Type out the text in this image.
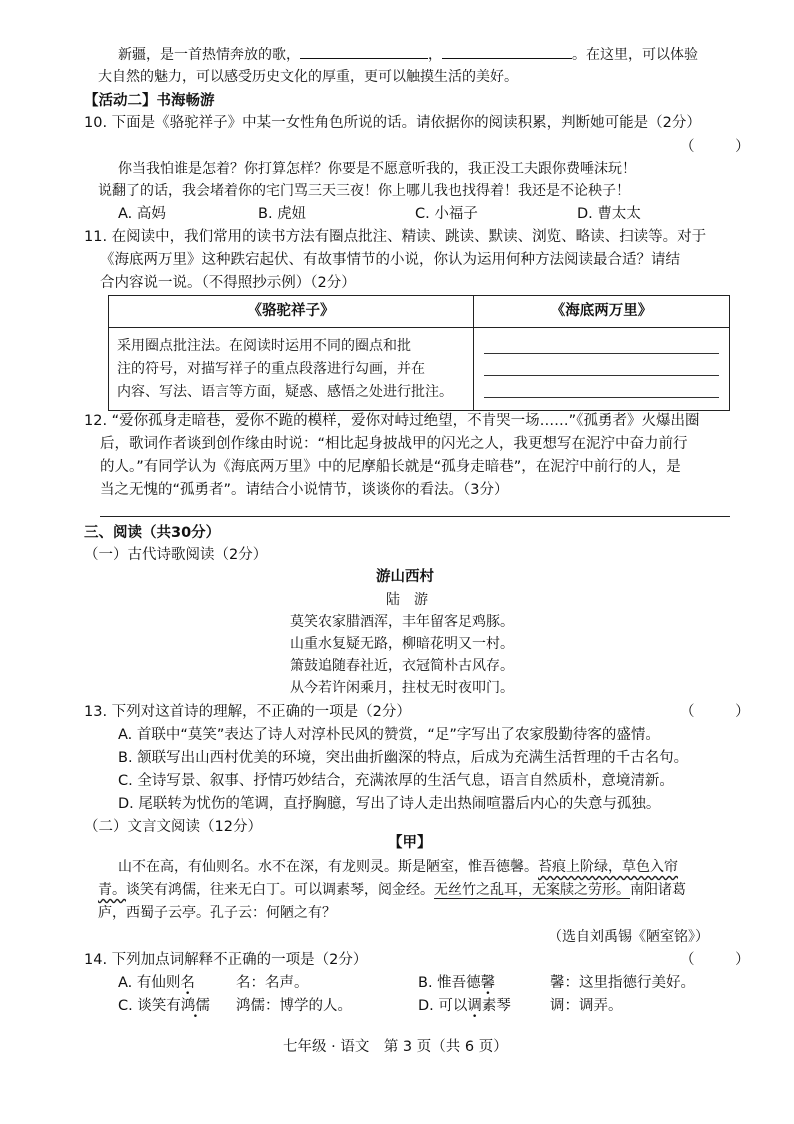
新疆，是一首热情奔放的歌，	，	。在这里，可以体验
大自然的魅力，可以感受历史文化的厚重，更可以触摸生活的美好。
【活动二】书海畅游
10. 下面是《骆驼祥子》中某一女性角色所说的话。请依据你的阅读积累，判断她可能是（2分）
（ ）
你当我怕谁是怎着？你打算怎样？你要是不愿意听我的，我正没工夫跟你费唾沫玩！
说翻了的话，我会堵着你的宅门骂三天三夜！你上哪儿我也找得着！我还是不论秧子！
A. 高妈	B. 虎妞	C. 小福子	D. 曹太太
11. 在阅读中，我们常用的读书方法有圈点批注、精读、跳读、默读、浏览、略读、扫读等。对于
《海底两万里》这种跌宕起伏、有故事情节的小说，你认为运用何种方法阅读最合适？请结
合内容说一说。（不得照抄示例）（2分）
《骆驼祥子》	《海底两万里》

采用圈点批注法。在阅读时运用不同的圈点和批
注的符号，对描写祥子的重点段落进行勾画，并在
内容、写法、语言等方面，疑惑、感悟之处进行批注。	

12. “爱你孤身走暗巷，爱你不跪的模样，爱你对峙过绝望，不肯哭一场……”《孤勇者》火爆出圈
后，歌词作者谈到创作缘由时说：“相比起身披战甲的闪光之人，我更想写在泥泞中奋力前行
的人。”有同学认为《海底两万里》中的尼摩船长就是“孤身走暗巷”，在泥泞中前行的人，是
当之无愧的“孤勇者”。请结合小说情节，谈谈你的看法。（3分）
三、阅读（共30分）
（一）古代诗歌阅读（2分）
游山西村
陆　游
莫笑农家腊酒浑，丰年留客足鸡豚。
山重水复疑无路，柳暗花明又一村。
箫鼓追随春社近，衣冠简朴古风存。
从今若许闲乘月，拄杖无时夜叩门。
13. 下列对这首诗的理解，不正确的一项是（2分）	（ ）
A. 首联中“莫笑”表达了诗人对淳朴民风的赞赏，“足”字写出了农家殷勤待客的盛情。
B. 颔联写出山西村优美的环境，突出曲折幽深的特点，后成为充满生活哲理的千古名句。
C. 全诗写景、叙事、抒情巧妙结合，充满浓厚的生活气息，语言自然质朴，意境清新。
D. 尾联转为忧伤的笔调，直抒胸臆，写出了诗人走出热闹喧嚣后内心的失意与孤独。
（二）文言文阅读（12分）
【甲】
山不在高，有仙则名。水不在深，有龙则灵。斯是陋室，惟吾德馨。苔痕上阶绿，草色入帘
青。谈笑有鸿儒，往来无白丁。可以调素琴，阅金经。无丝竹之乱耳，无案牍之劳形。南阳诸葛
庐，西蜀子云亭。孔子云：何陋之有？
（选自刘禹锡《陋室铭》）
14. 下列加点词解释不正确的一项是（2分）	（ ）
A. 有仙则名	名：名声。	B. 惟吾德馨	馨：这里指德行美好。
C. 谈笑有鸿儒 鸿儒：博学的人。	D. 可以调素琴	调：调弄。
七年级 · 语文　第 3 页（共 6 页）
